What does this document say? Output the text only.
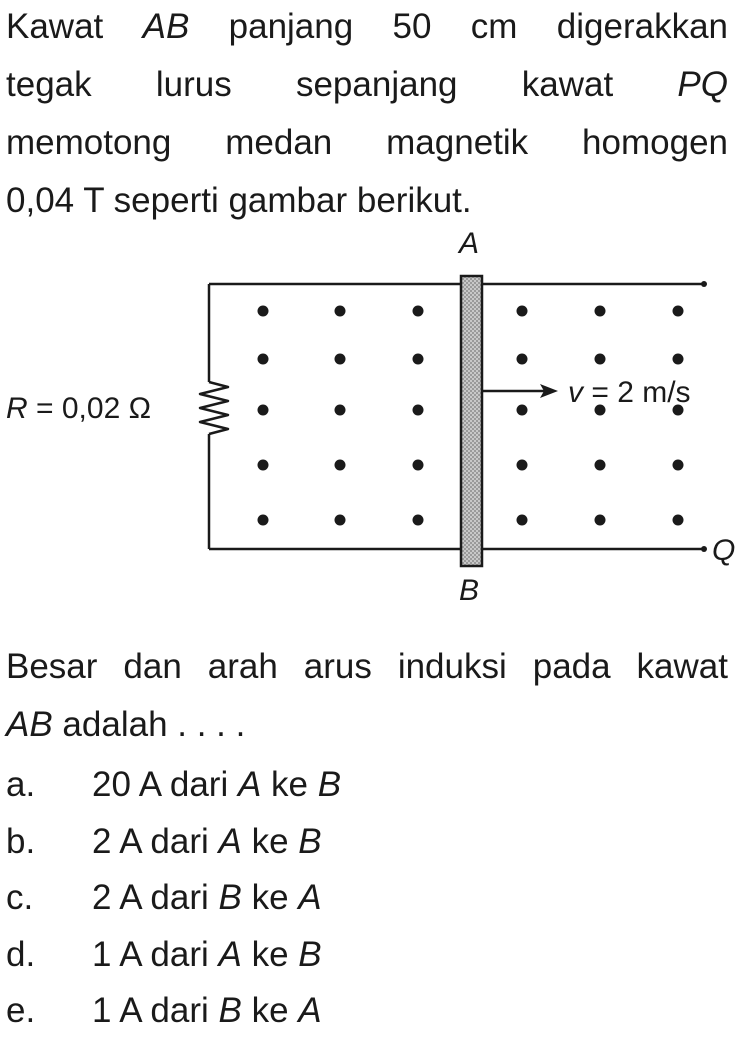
Kawat AB panjang 50 cm digerakkan
tegak lurus sepanjang kawat PQ
memotong medan magnetik homogen
0,04 T seperti gambar berikut.
A
B
Q
R = 0,02 Ω	v = 2 m/s
Besar dan arah arus induksi pada kawat
AB adalah . . . .
a.	20 A dari A ke B
b.	2 A dari A ke B
c.	2 A dari B ke A
d.	1 A dari A ke B
e.	1 A dari B ke A
